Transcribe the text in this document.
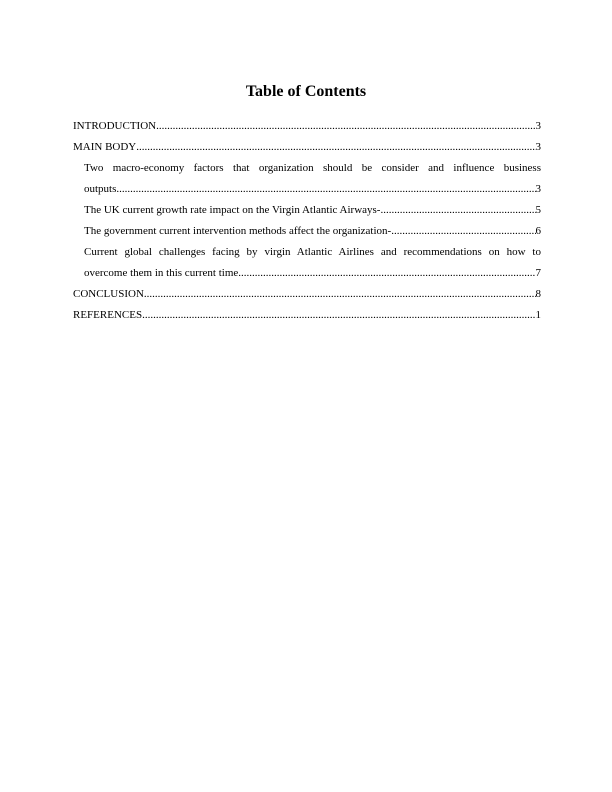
Table of Contents
INTRODUCTION .....	3
MAIN BODY .....	3
Two macro-economy factors that organization should be consider and influence business
outputs .....	3
The UK current growth rate impact on the Virgin Atlantic Airways- .....	5
The government current intervention methods affect the organization- .....	6
Current global challenges facing by virgin Atlantic Airlines and recommendations on how to
overcome them in this current time .....	7
CONCLUSION .....	8
REFERENCES .....	1
